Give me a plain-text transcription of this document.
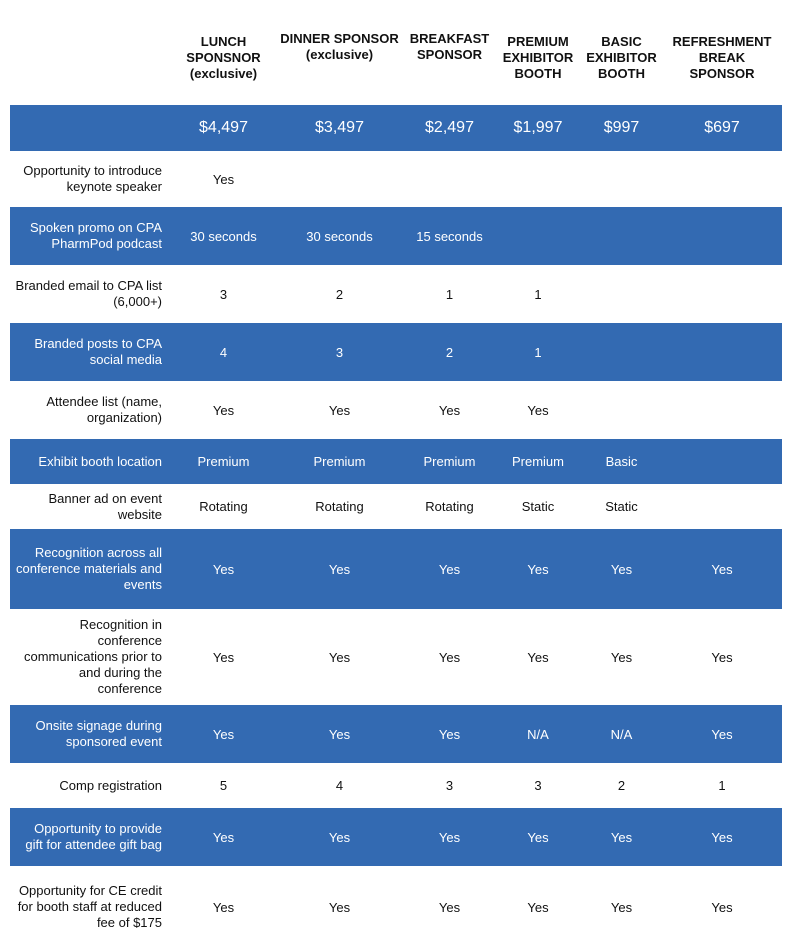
	LUNCH
SPONSNOR
(exclusive)	DINNER SPONSOR
(exclusive)	BREAKFAST
SPONSOR	PREMIUM
EXHIBITOR
BOOTH	BASIC
EXHIBITOR
BOOTH	REFRESHMENT
BREAK
SPONSOR
	$4,497	$3,497	$2,497	$1,997	$997	$697
Opportunity to introduce
keynote speaker	Yes					
Spoken promo on CPA
PharmPod podcast	30 seconds	30 seconds	15 seconds			
Branded email to CPA list
(6,000+)	3	2	1	1		
Branded posts to CPA
social media	4	3	2	1		
Attendee list (name,
organization)	Yes	Yes	Yes	Yes		
Exhibit booth location	Premium	Premium	Premium	Premium	Basic	
Banner ad on event
website	Rotating	Rotating	Rotating	Static	Static	
Recognition across all
conference materials and
events	Yes	Yes	Yes	Yes	Yes	Yes
Recognition in conference
communications prior to
and during the
conference	Yes	Yes	Yes	Yes	Yes	Yes
Onsite signage during
sponsored event	Yes	Yes	Yes	N/A	N/A	Yes
Comp registration	5	4	3	3	2	1
Opportunity to provide
gift for attendee gift bag	Yes	Yes	Yes	Yes	Yes	Yes
Opportunity for CE credit
for booth staff at reduced
fee of $175	Yes	Yes	Yes	Yes	Yes	Yes
